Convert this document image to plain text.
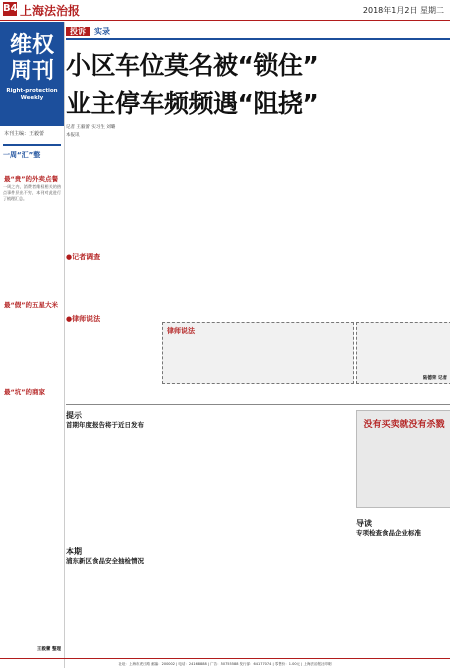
B4 上海法治报	2018年1月2日 星期二
维权周刊
Right-protection Weekly
本刊主编：王毅蕾
一周“汇”整
最“贵”的外卖点餐
一周之内，消费者维权相关的热点事件层出不穷，本刊对此进行了梳理汇总。
最“假”的五星大米
最“坑”的商家
王毅蕾 整理
投诉 实录
小区车位莫名被“锁住”
业主停车频频遇“阻挠”
记者 王毅蕾 实习生 刘璐
本报讯
●记者调查
●律师说法
律师说法
陆德荣 记者
提示
首期年度报告将于近日发布	没有买卖就没有杀戮
导读
专项检查食品企业标准
本期
浦东新区食品安全抽检情况
社址：上海市虎丘路 邮编：200002 | 电话：24168888 | 广告：50755588 发行部：64177074 | 零售价：1.00元 | 上海法治报社印刷
